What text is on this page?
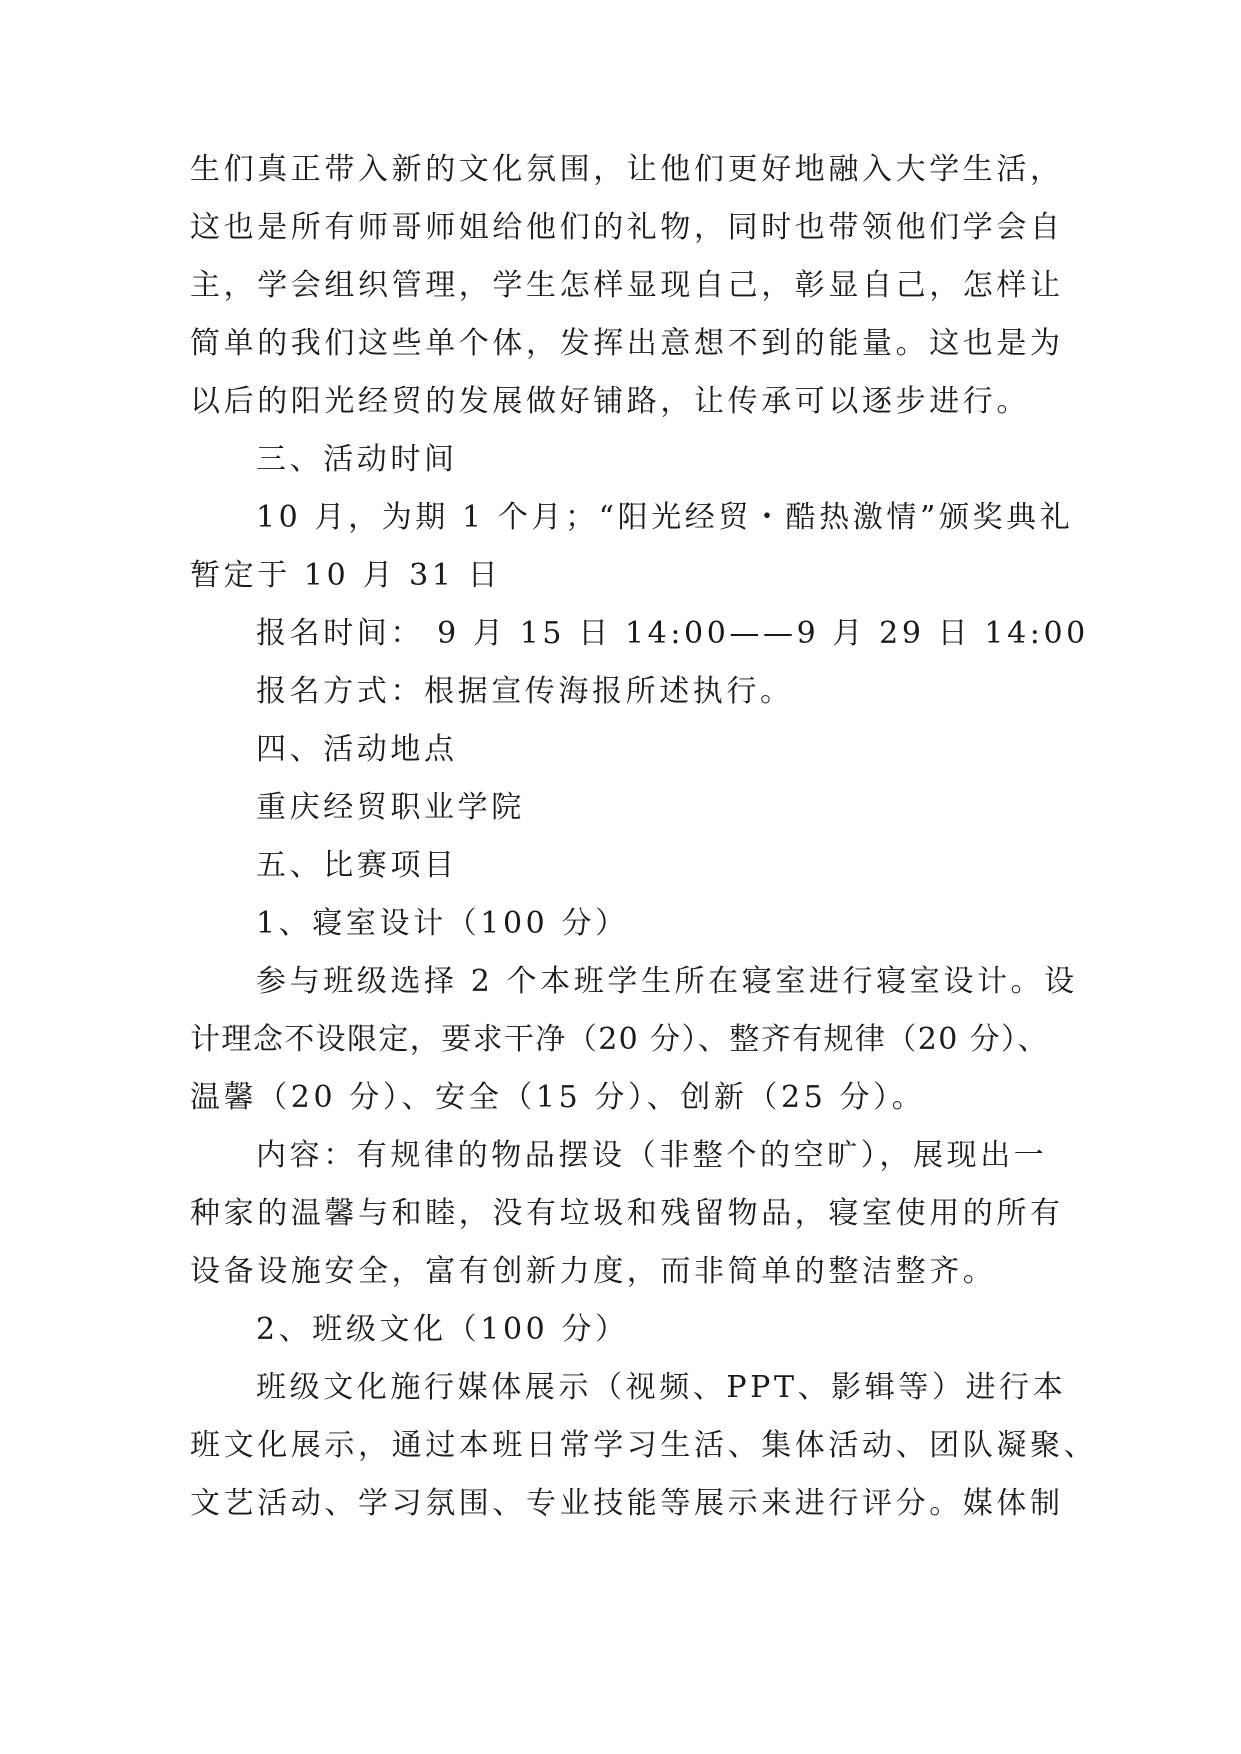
生们真正带入新的文化氛围，让他们更好地融入大学生活，
这也是所有师哥师姐给他们的礼物，同时也带领他们学会自
主，学会组织管理，学生怎样显现自己，彰显自己，怎样让
简单的我们这些单个体，发挥出意想不到的能量。这也是为
以后的阳光经贸的发展做好铺路，让传承可以逐步进行。
三、活动时间
10 月，为期 1 个月；“阳光经贸・酷热激情”颁奖典礼
暂定于 10 月 31 日
报名时间： 9 月 15 日 14:00——9 月 29 日 14:00
报名方式：根据宣传海报所述执行。
四、活动地点
重庆经贸职业学院
五、比赛项目
1、寝室设计（100 分）
参与班级选择 2 个本班学生所在寝室进行寝室设计。设
计理念不设限定，要求干净（20 分）、整齐有规律（20 分）、
温馨（20 分）、安全（15 分）、创新（25 分）。
内容：有规律的物品摆设（非整个的空旷），展现出一
种家的温馨与和睦，没有垃圾和残留物品，寝室使用的所有
设备设施安全，富有创新力度，而非简单的整洁整齐。
2、班级文化（100 分）
班级文化施行媒体展示（视频、PPT、影辑等）进行本
班文化展示，通过本班日常学习生活、集体活动、团队凝聚、
文艺活动、学习氛围、专业技能等展示来进行评分。媒体制
